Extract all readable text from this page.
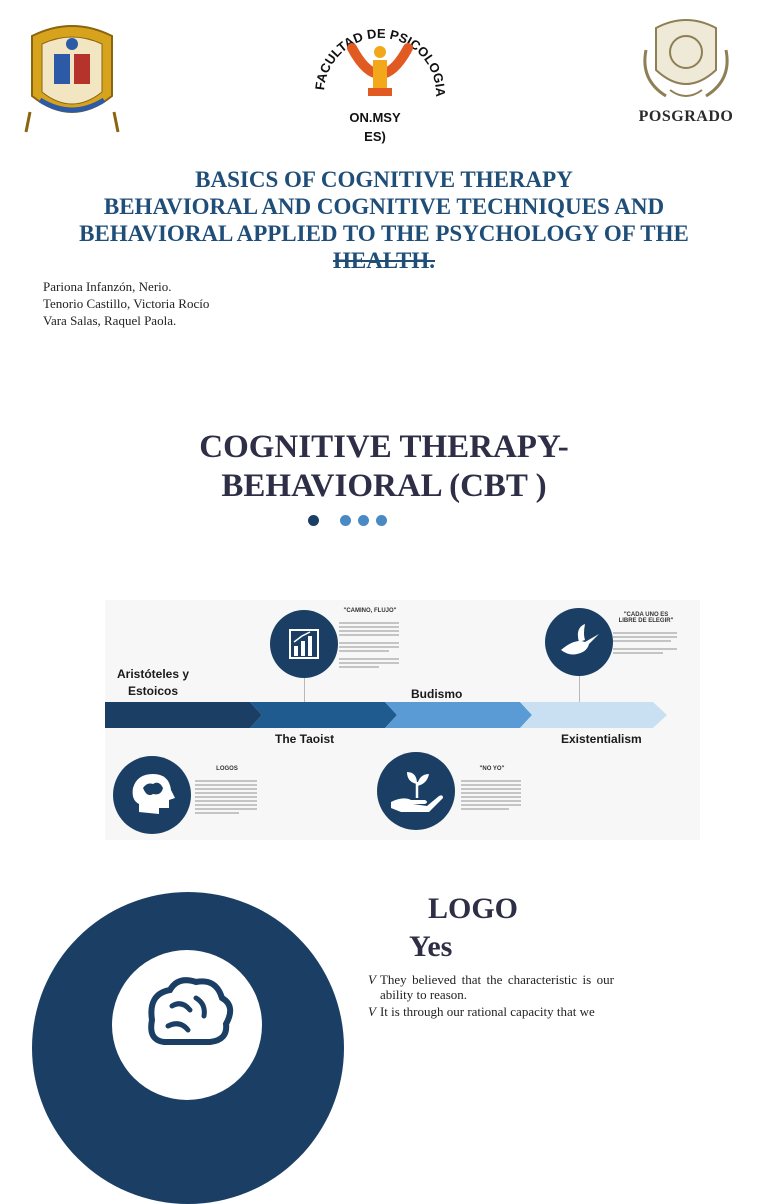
FACULTAD DE PSICOLOGIA
ON.MSY
ES)
POSGRADO
BASICS OF COGNITIVE THERAPY
BEHAVIORAL AND COGNITIVE TECHNIQUES AND
BEHAVIORAL APPLIED TO THE PSYCHOLOGY OF THE
HEALTH.
Pariona Infanzón, Nerio.
Tenorio Castillo, Victoria Rocío
Vara Salas, Raquel Paola.
COGNITIVE THERAPY-
BEHAVIORAL (CBT )
Aristóteles y
Estoicos	Budismo
The Taoist	Existentialism
"CAMINO, FLUJO"
"CADA UNO ES
LIBRE DE ELEGIR"
LOGOS	"NO YO"
LOGO
Yes
V They believed that the characteristic is our ability to reason.
V It is through our rational capacity that we
